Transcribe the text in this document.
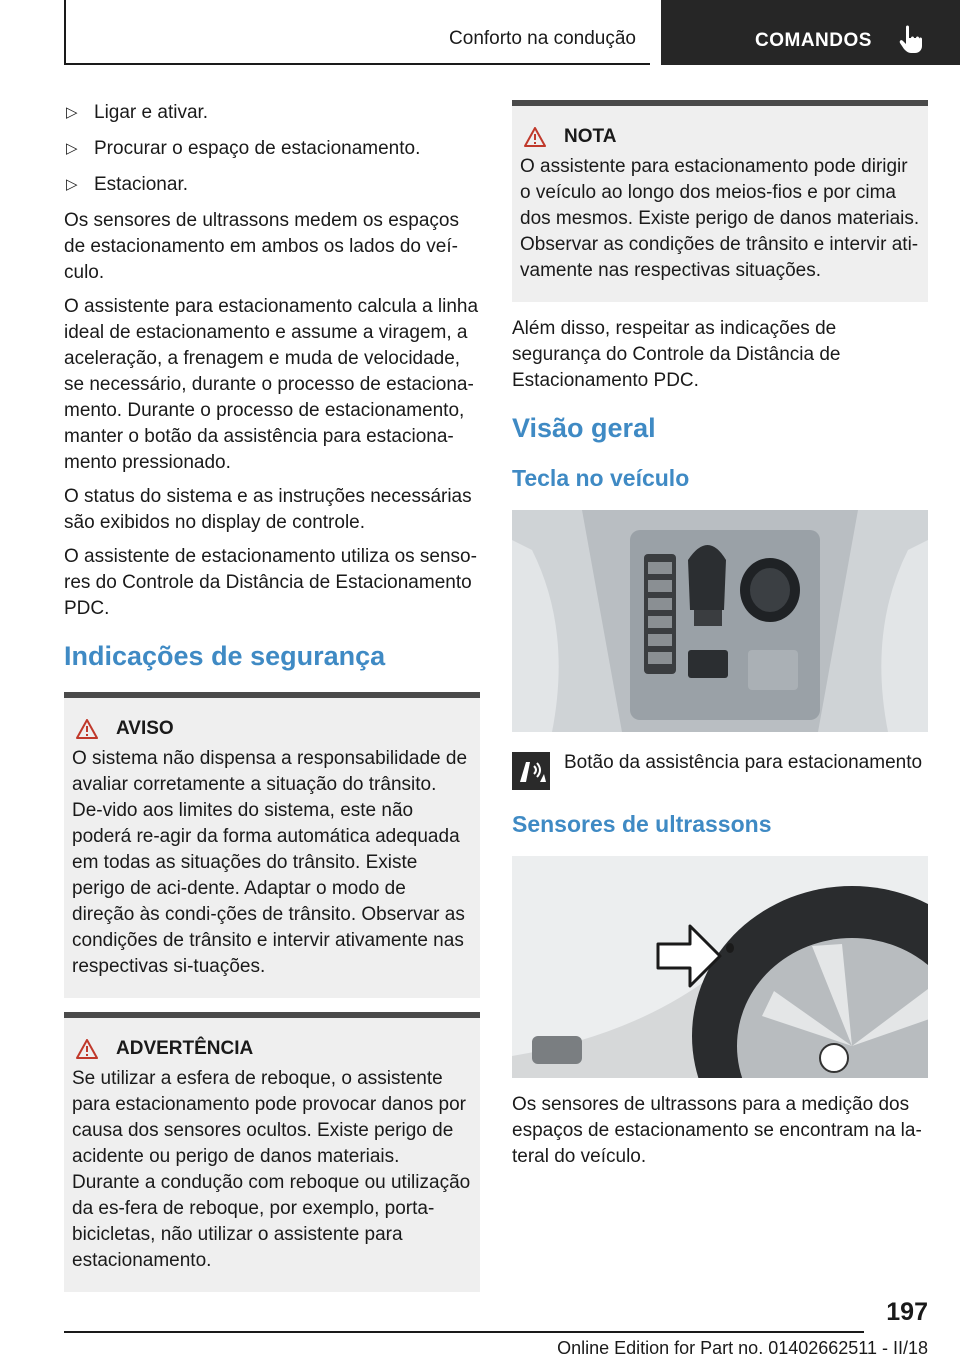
Conforto na condução	COMANDOS
▷ Ligar e ativar.
▷ Procurar o espaço de estacionamento.
▷ Estacionar.

Os sensores de ultrassons medem os espaços de estacionamento em ambos os lados do veí-culo.

O assistente para estacionamento calcula a linha ideal de estacionamento e assume a viragem, a aceleração, a frenagem e muda de velocidade, se necessário, durante o processo de estaciona-mento. Durante o processo de estacionamento, manter o botão da assistência para estaciona-mento pressionado.

O status do sistema e as instruções necessárias são exibidos no display de controle.

O assistente de estacionamento utiliza os senso-res do Controle da Distância de Estacionamento PDC.

Indicações de segurança
AVISO

O sistema não dispensa a responsabilidade de avaliar corretamente a situação do trânsito. De-vido aos limites do sistema, este não poderá re-agir da forma automática adequada em todas as situações do trânsito. Existe perigo de aci-dente. Adaptar o modo de direção às condi-ções de trânsito. Observar as condições de trânsito e intervir ativamente nas respectivas si-tuações.

ADVERTÊNCIA

Se utilizar a esfera de reboque, o assistente para estacionamento pode provocar danos por causa dos sensores ocultos. Existe perigo de acidente ou perigo de danos materiais. Durante a condução com reboque ou utilização da es-fera de reboque, por exemplo, porta-bicicletas, não utilizar o assistente para estacionamento.

NOTA

O assistente para estacionamento pode dirigir o veículo ao longo dos meios-fios e por cima dos mesmos. Existe perigo de danos materiais. Observar as condições de trânsito e intervir ati-vamente nas respectivas situações.

Além disso, respeitar as indicações de segurança do Controle da Distância de Estacionamento PDC.

Visão geral
Tecla no veículo

Botão da assistência para estacionamento

Sensores de ultrassons

Os sensores de ultrassons para a medição dos espaços de estacionamento se encontram na la-teral do veículo.

197
Online Edition for Part no. 01402662511 - II/18
